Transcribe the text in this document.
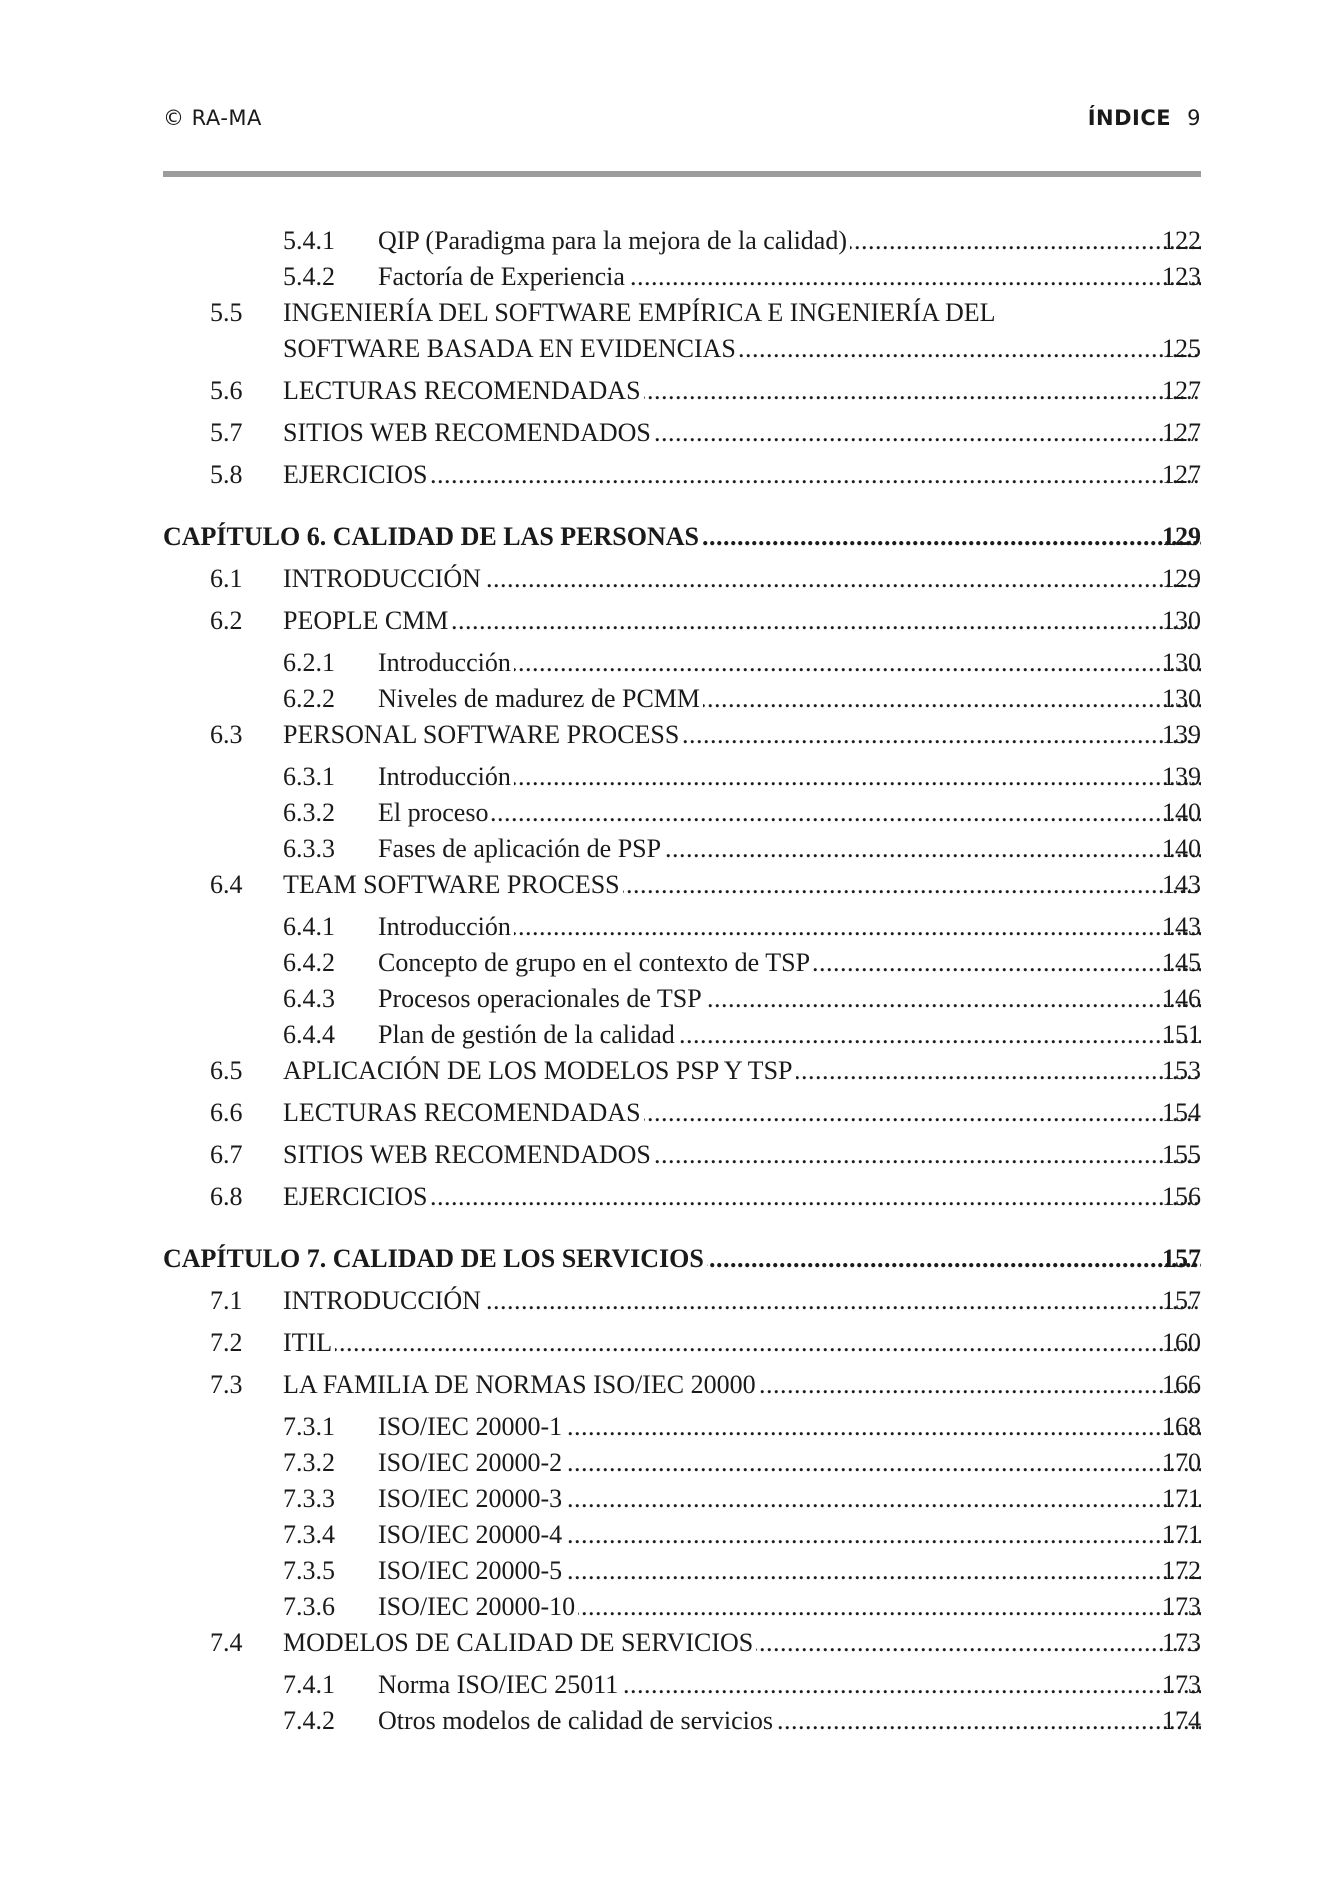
© RA-MA	ÍNDICE 9
5.4.1 QIP (Paradigma para la mejora de la calidad) . . .	122
5.4.2 Factoría de Experiencia . . .	123
5.5 INGENIERÍA DEL SOFTWARE EMPÍRICA E INGENIERÍA DEL
SOFTWARE BASADA EN EVIDENCIAS . . .	125
5.6 LECTURAS RECOMENDADAS . . .	127
5.7 SITIOS WEB RECOMENDADOS . . .	127
5.8 EJERCICIOS . . .	127
CAPÍTULO 6. CALIDAD DE LAS PERSONAS . . .	129
6.1 INTRODUCCIÓN . . .	129
6.2 PEOPLE CMM . . .	130
6.2.1 Introducción . . .	130
6.2.2 Niveles de madurez de PCMM . . .	130
6.3 PERSONAL SOFTWARE PROCESS . . .	139
6.3.1 Introducción . . .	139
6.3.2 El proceso . . .	140
6.3.3 Fases de aplicación de PSP . . .	140
6.4 TEAM SOFTWARE PROCESS . . .	143
6.4.1 Introducción . . .	143
6.4.2 Concepto de grupo en el contexto de TSP . . .	145
6.4.3 Procesos operacionales de TSP . . .	146
6.4.4 Plan de gestión de la calidad . . .	151
6.5 APLICACIÓN DE LOS MODELOS PSP Y TSP . . .	153
6.6 LECTURAS RECOMENDADAS . . .	154
6.7 SITIOS WEB RECOMENDADOS . . .	155
6.8 EJERCICIOS . . .	156
CAPÍTULO 7. CALIDAD DE LOS SERVICIOS . . .	157
7.1 INTRODUCCIÓN . . .	157
7.2 ITIL . . .	160
7.3 LA FAMILIA DE NORMAS ISO/IEC 20000 . . .	166
7.3.1 ISO/IEC 20000-1 . . .	168
7.3.2 ISO/IEC 20000-2 . . .	170
7.3.3 ISO/IEC 20000-3 . . .	171
7.3.4 ISO/IEC 20000-4 . . .	171
7.3.5 ISO/IEC 20000-5 . . .	172
7.3.6 ISO/IEC 20000-10 . . .	173
7.4 MODELOS DE CALIDAD DE SERVICIOS . . .	173
7.4.1 Norma ISO/IEC 25011 . . .	173
7.4.2 Otros modelos de calidad de servicios . . .	174
